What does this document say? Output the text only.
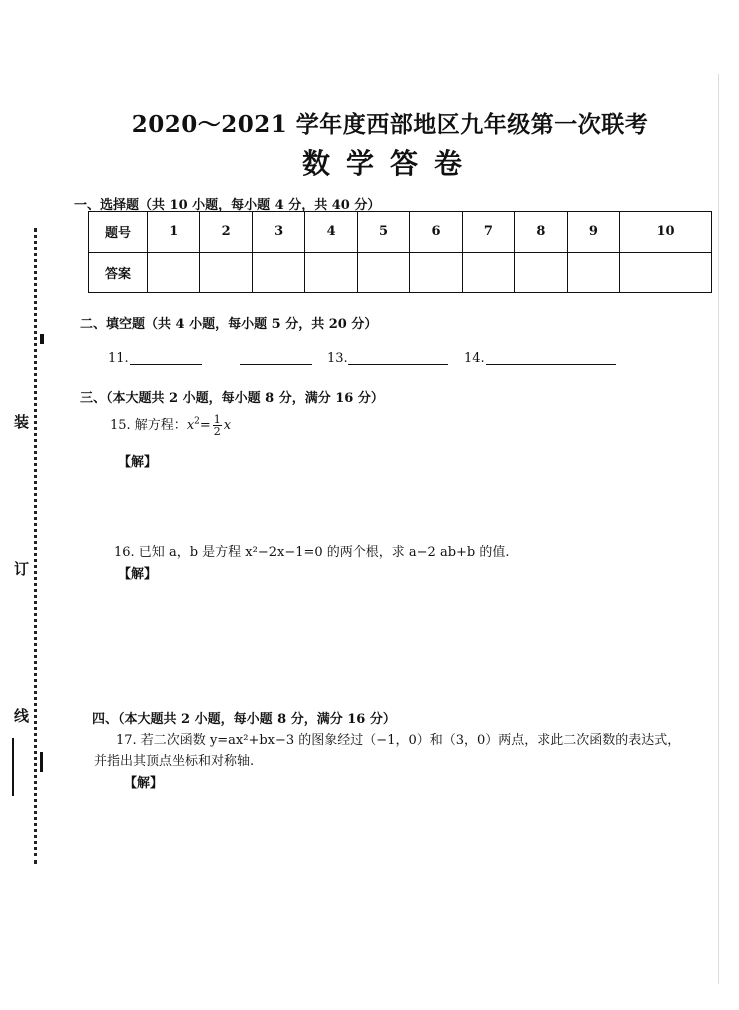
装
订
线
2020～2021 学年度西部地区九年级第一次联考
数学答卷
一、选择题（共 10 小题，每小题 4 分，共 40 分）
题号	1	2	3	4	5	6	7	8	9	10
答案										
二、填空题（共 4 小题，每小题 5 分，共 20 分）
11.	13.	14.
三、（本大题共 2 小题，每小题 8 分，满分 16 分）
15. 解方程：$x^2= \frac{1}{2}$ x
【解】
16. 已知 a，b 是方程 x²−2x−1=0 的两个根，求 a−2 ab+b 的值.
【解】
四、（本大题共 2 小题，每小题 8 分，满分 16 分）
17. 若二次函数 y=ax²+bx−3 的图象经过（−1，0）和（3，0）两点，求此二次函数的表达式，
并指出其顶点坐标和对称轴.
【解】
